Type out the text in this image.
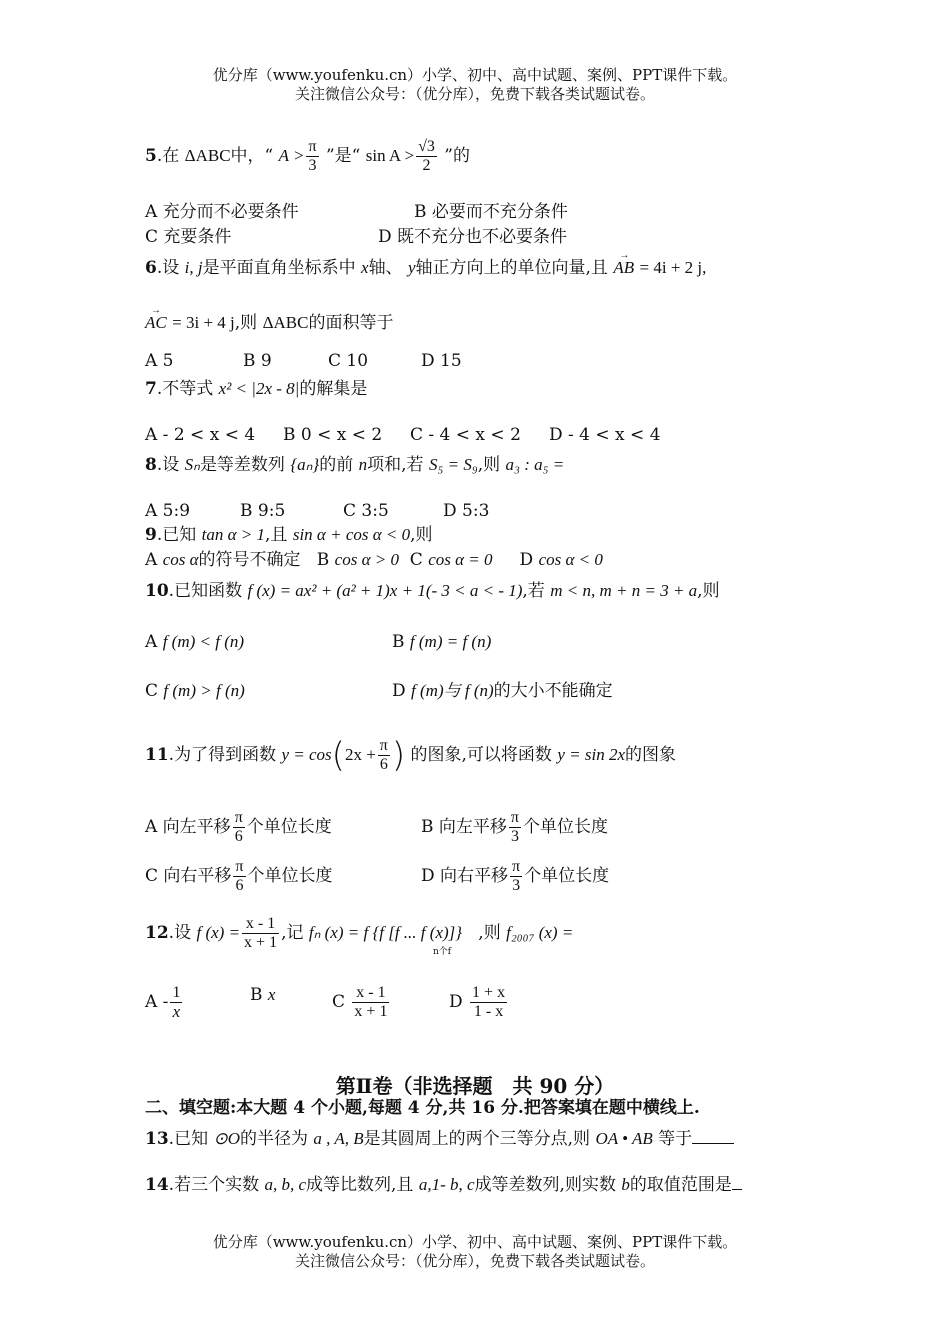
优分库（www.youfenku.cn）小学、初中、高中试题、案例、PPT课件下载。
关注微信公众号：（优分库），免费下载各类试题试卷。
5.在 ΔABC中，“ $A > \frac{\pi}{3}$ ”是“ $\sin A > \frac{√3}{2}$ ”的
A 充分而不必要条件	B 必要而不充分条件
C 充要条件	D 既不充分也不必要条件
6.设 i, j是平面直角坐标系中 x轴、 y轴正方向上的单位向量,且 → AB = 4i + 2 j,
→ AC = 3i + 4 j,则 ΔABC的面积等于
A 5	B 9	C 10	D 15
7.不等式 x² < |2x - 8|的解集是
A - 2 < x < 4 B 0 < x < 2 C - 4 < x < 2 D - 4 < x < 4
8.设 Sₙ是等差数列 {aₙ}的前 n项和,若 S₅ = S₉,则 a₃ : a₅ =
A 5:9	B 9:5	C 3:5	D 5:3
9.已知 tan α > 1,且 sin α + cos α < 0,则
A cos α的符号不确定 B cos α > 0 C cos α = 0 D cos α < 0
10.已知函数 f (x) = ax² + (a² + 1)x + 1(- 3 < a < - 1),若 m < n, m + n = 3 + a,则
A f (m) < f (n)	B f (m) = f (n)
C f (m) > f (n)	D f (m)与 f (n)的大小不能确定
11.为了得到函数 $y = \cos(2x + \frac{\pi}{6}$ ) 的图象,可以将函数 y = sin 2x的图象
A 向左平移 $\frac{\pi}{6}$ 个单位长度	B 向左平移 $\frac{\pi}{3}$ 个单位长度
C 向右平移 $\frac{\pi}{6}$ 个单位长度	D 向右平移 $\frac{\pi}{3}$ 个单位长度
12.设 f $(x) = \frac{x - 1}{x + 1}$ ,记 fₙ (x) = f {f [f ... f (x)]} ,则 f₂₀₀₇ (x) =
n个f
A - $\frac{1}{x}$	B x	C $\frac{x - 1}{x + 1}$	D $\frac{1 + x}{1 - x}$
第Ⅱ卷（非选择题　共 90 分）
二、填空题:本大题 4 个小题,每题 4 分,共 16 分.把答案填在题中横线上.
13.已知 ⊙O的半径为 a , A, B是其圆周上的两个三等分点,则 OA • AB 等于
14.若三个实数 a, b, c成等比数列,且 a,1- b, c成等差数列,则实数 b的取值范围是
优分库（www.youfenku.cn）小学、初中、高中试题、案例、PPT课件下载。
关注微信公众号：（优分库），免费下载各类试题试卷。
